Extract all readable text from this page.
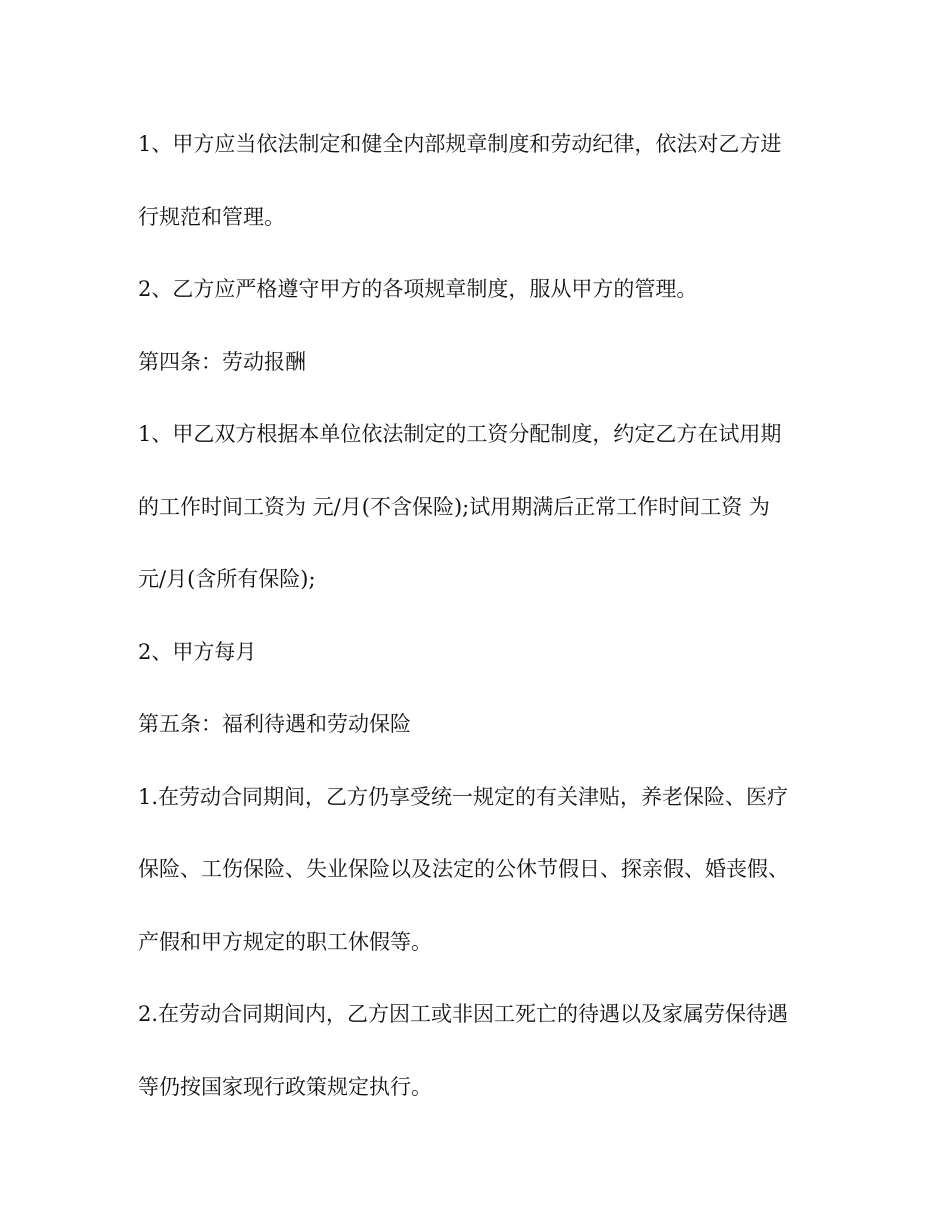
1、甲方应当依法制定和健全内部规章制度和劳动纪律，依法对乙方进
行规范和管理。
2、乙方应严格遵守甲方的各项规章制度，服从甲方的管理。
第四条：劳动报酬
1、甲乙双方根据本单位依法制定的工资分配制度，约定乙方在试用期
的工作时间工资为 元/月(不含保险);试用期满后正常工作时间工资 为
元/月(含所有保险);
2、甲方每月
第五条：福利待遇和劳动保险
1.在劳动合同期间，乙方仍享受统一规定的有关津贴，养老保险、医疗
保险、工伤保险、失业保险以及法定的公休节假日、探亲假、婚丧假、
产假和甲方规定的职工休假等。
2.在劳动合同期间内，乙方因工或非因工死亡的待遇以及家属劳保待遇
等仍按国家现行政策规定执行。
